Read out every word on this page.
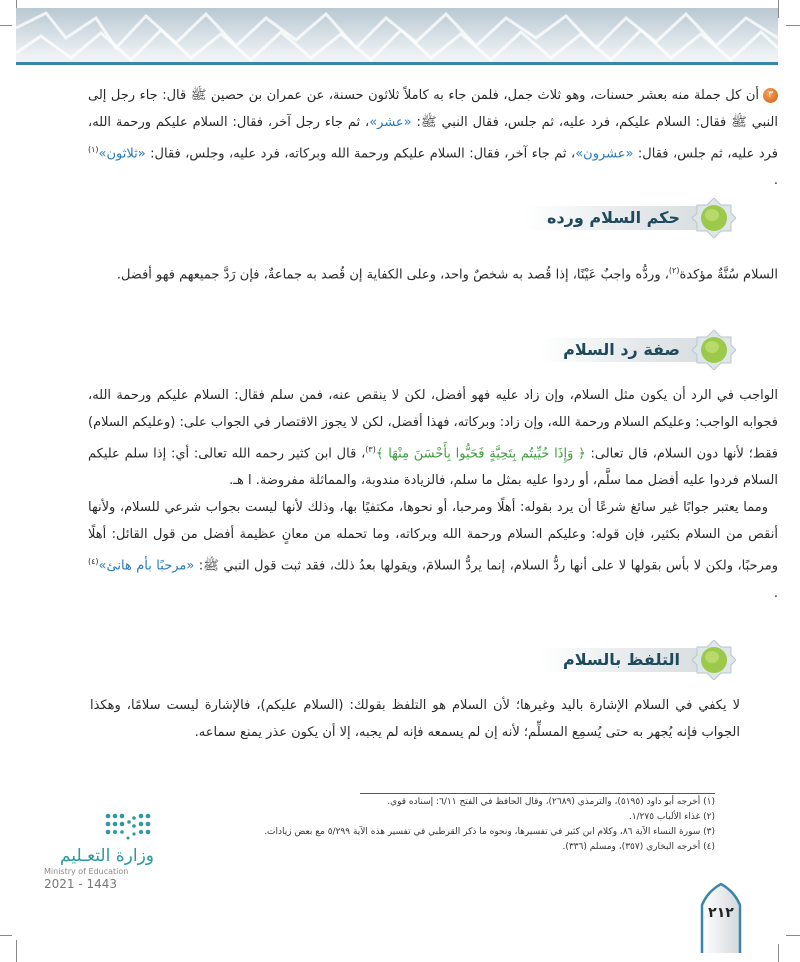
٣أن كل جملة منه بعشر حسنات، وهو ثلاث جمل، فلمن جاء به كاملاً ثلاثون حسنة، عن عمران بن حصين ﷺ قال: جاء رجل إلى النبي ﷺ فقال: السلام عليكم، فرد عليه، ثم جلس، فقال النبي ﷺ: «عشر»، ثم جاء رجل آخر، فقال: السلام عليكم ورحمة الله، فرد عليه، ثم جلس، فقال: «عشرون»، ثم جاء آخر، فقال: السلام عليكم ورحمة الله وبركاته، فرد عليه، وجلس، فقال: «ثلاثون»$^{(١)}$ .

حكم السلام ورده

السلام سُنَّةٌ مؤكدة$^{(٢)}$، وردُّه واجبٌ عَيْنًا، إذا قُصد به شخصٌ واحد، وعلى الكفاية إن قُصد به جماعةٌ، فإن رَدَّ جميعهم فهو أفضل.

صفة رد السلام

الواجب في الرد أن يكون مثل السلام، وإن زاد عليه فهو أفضل، لكن لا ينقص عنه، فمن سلم فقال: السلام عليكم ورحمة الله، فجوابه الواجب: وعليكم السلام ورحمة الله، وإن زاد: وبركاته، فهذا أفضل، لكن لا يجوز الاقتصار في الجواب على: (وعليكم السلام) فقط؛ لأنها دون السلام، قال تعالى: ﴿ وَإِذَا حُيِّيتُم بِتَحِيَّةٍ فَحَيُّوا بِأَحْسَنَ مِنْهَا ﴾$^{(٣)}$، قال ابن كثير رحمه الله تعالى: أي: إذا سلم عليكم السلام فردوا عليه أفضل مما سلَّم، أو ردوا عليه بمثل ما سلم، فالزيادة مندوبة، والمماثلة مفروضة. ا هـ.

ومما يعتبر جوابًا غير سائغ شرعًا أن يرد بقوله: أهلًا ومرحبا، أو نحوها، مكتفيًا بها، وذلك لأنها ليست بجواب شرعي للسلام، ولأنها أنقص من السلام بكثير، فإن قوله: وعليكم السلام ورحمة الله وبركاته، وما تحمله من معانٍ عظيمة أفضل من قول القائل: أهلًا ومرحبًا، ولكن لا بأس بقولها لا على أنها ردُّ السلام، إنما يردُّ السلامَ، ويقولها بعدُ ذلك، فقد ثبت قول النبي ﷺ: «مرحبًا بأم هانئ»$^{(٤)}$ .

التلفظ بالسلام

لا يكفي في السلام الإشارة باليد وغيرها؛ لأن السلام هو التلفظ بقولك: (السلام عليكم)، فالإشارة ليست سلامًا، وهكذا الجواب فإنه يُجهر به حتى يُسمِع المسلِّم؛ لأنه إن لم يسمعه فإنه لم يجبه، إلا أن يكون عذر يمنع سماعه.

(١) أخرجه أبو داود (٥١٩٥)، والترمذي (٢٦٨٩)، وقال الحافظ في الفتح ٦/١١: إسناده قوي.
(٢) غذاء الألباب ١/٢٧٥.
(٣) سورة النساء الآية ٨٦، وكلام ابن كثير في تفسيرها، ونحوه ما ذكر القرطبي في تفسير هذه الآية ٥/٢٩٩ مع بعض زيادات.
(٤) أخرجه البخاري (٣٥٧)، ومسلم (٣٣٦).
وزارة التعـليم
Ministry of Education
2021 - 1443
٢١٢
